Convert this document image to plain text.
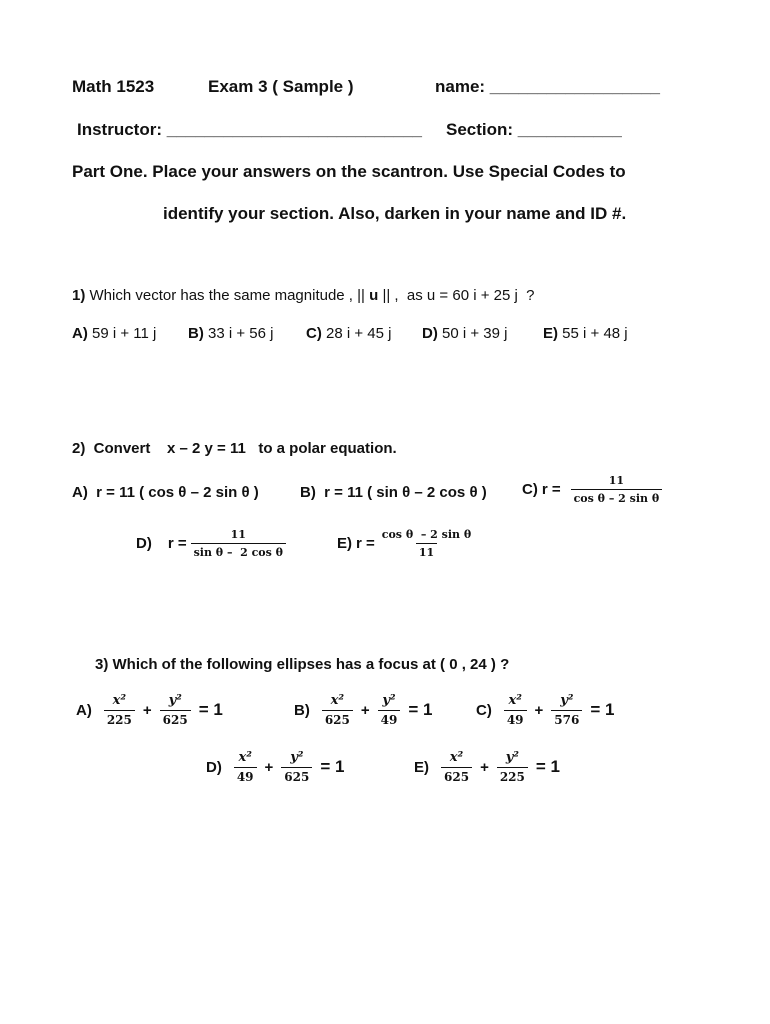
Math 1523	Exam 3 ( Sample )	name: __________________
Instructor: ___________________________ Section: ___________
Part One. Place your answers on the scantron. Use Special Codes to
identify your section. Also, darken in your name and ID #.
1) Which vector has the same magnitude , || u || ,  as u = 60 i + 25 j  ?
A) 59 i + 11 j B) 33 i + 56 j C) 28 i + 45 j D) 50 i + 39 j E) 55 i + 48 j
2)  Convert    x – 2 y = 11   to a polar equation.
A) r = 11 ( cos θ – 2 sin θ )	B) r = 11 ( sin θ – 2 cos θ ) C) $r = \frac{11}{\text{cos θ – 2 sin θ}}$
D) $r = \frac{11}{\text{sin θ –  2 cos θ}}$	E) $r = \frac{\text{cos θ  – 2 sin θ}}{11}$
3) Which of the following ellipses has a focus at ( 0 , 24 ) ?
$A) \frac{\text{x²}}{225} + \frac{\text{y²}}{625} = 1$	$B) \frac{\text{x²}}{625} + \frac{\text{y²}}{49} = 1$	$C) \frac{\text{x²}}{49} + \frac{\text{y²}}{576} = 1$
$D) \frac{\text{x²}}{49} + \frac{\text{y²}}{625} = 1$	$E) \frac{\text{x²}}{625} + \frac{\text{y²}}{225} = 1$
